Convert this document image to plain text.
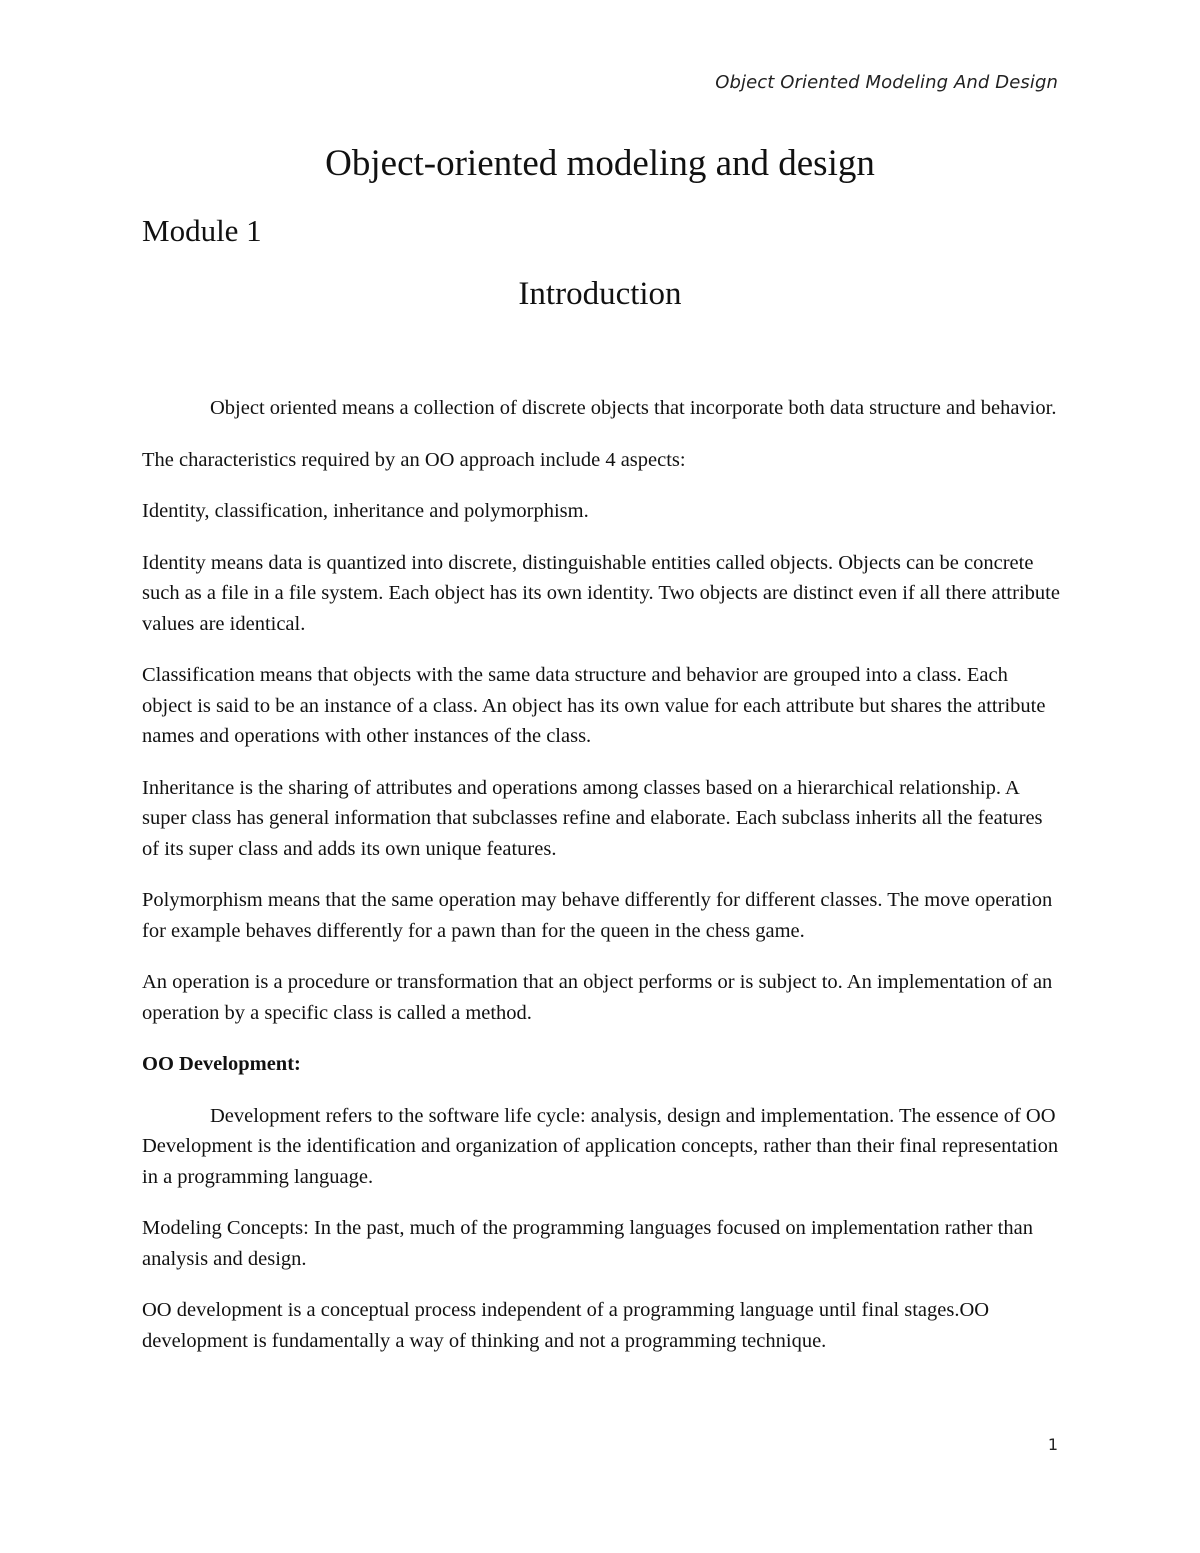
Object Oriented Modeling And Design
Object-oriented modeling and design
Module 1
Introduction

Object oriented means a collection of discrete objects that incorporate both data structure and behavior.

The characteristics required by an OO approach include 4 aspects:

Identity, classification, inheritance and polymorphism.

Identity means data is quantized into discrete, distinguishable entities called objects. Objects can be concrete such as a file in a file system. Each object has its own identity. Two objects are distinct even if all there attribute values are identical.

Classification means that objects with the same data structure and behavior are grouped into a class. Each object is said to be an instance of a class. An object has its own value for each attribute but shares the attribute names and operations with other instances of the class.

Inheritance is the sharing of attributes and operations among classes based on a hierarchical relationship. A super class has general information that subclasses refine and elaborate. Each subclass inherits all the features of its super class and adds its own unique features.

Polymorphism means that the same operation may behave differently for different classes. The move operation for example behaves differently for a pawn than for the queen in the chess game.

An operation is a procedure or transformation that an object performs or is subject to. An implementation of an operation by a specific class is called a method.

OO Development:

Development refers to the software life cycle: analysis, design and implementation. The essence of OO Development is the identification and organization of application concepts, rather than their final representation in a programming language.

Modeling Concepts: In the past, much of the programming languages focused on implementation rather than analysis and design.

OO development is a conceptual process independent of a programming language until final stages.OO development is fundamentally a way of thinking and not a programming technique.

1
